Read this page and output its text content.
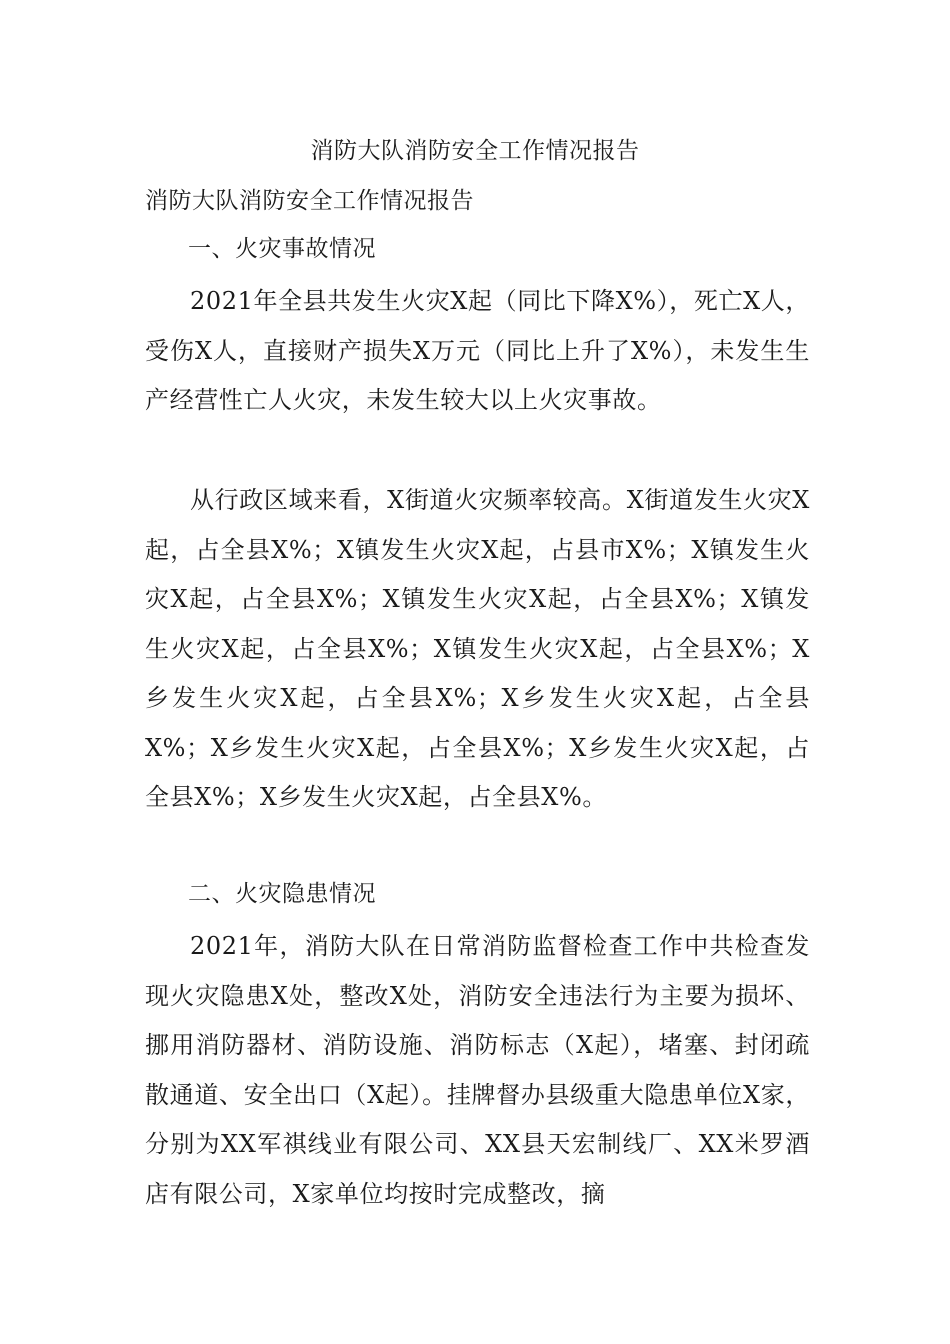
消防大队消防安全工作情况报告
消防大队消防安全工作情况报告
一、火灾事故情况

2021年全县共发生火灾X起（同比下降X%），死亡X人，受伤X人，直接财产损失X万元（同比上升了X%），未发生生产经营性亡人火灾，未发生较大以上火灾事故。

从行政区域来看，X街道火灾频率较高。X街道发生火灾X起，占全县X%；X镇发生火灾X起，占县市X%；X镇发生火灾X起，占全县X%；X镇发生火灾X起，占全县X%；X镇发生火灾X起，占全县X%；X镇发生火灾X起，占全县X%；X乡发生火灾X起，占全县X%；X乡发生火灾X起，占全县X%；X乡发生火灾X起，占全县X%；X乡发生火灾X起，占全县X%；X乡发生火灾X起，占全县X%。

二、火灾隐患情况

2021年，消防大队在日常消防监督检查工作中共检查发现火灾隐患X处，整改X处，消防安全违法行为主要为损坏、挪用消防器材、消防设施、消防标志（X起），堵塞、封闭疏散通道、安全出口（X起）。挂牌督办县级重大隐患单位X家，分别为XX军祺线业有限公司、XX县天宏制线厂、XX米罗酒店有限公司，X家单位均按时完成整改，摘
